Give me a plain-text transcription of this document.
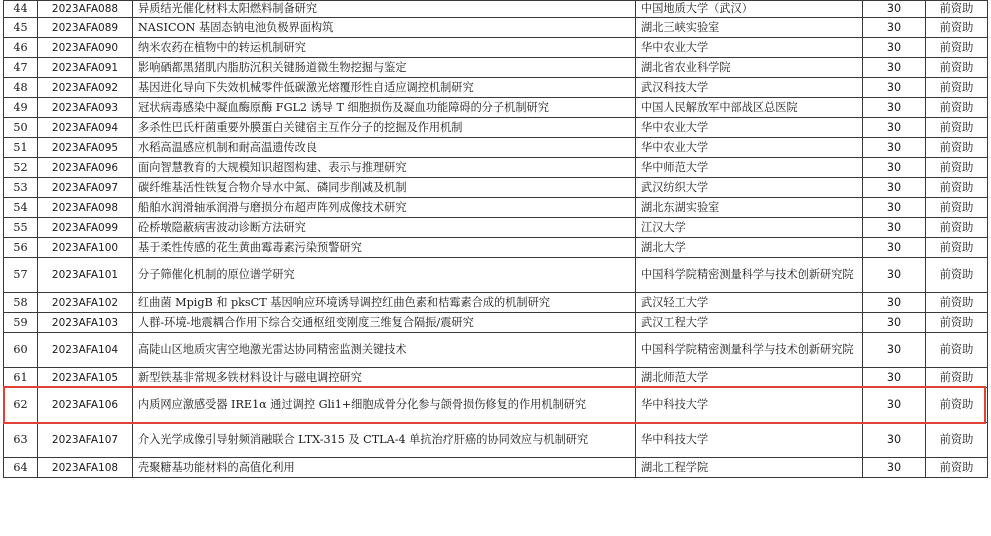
44	2023AFA088	异质结光催化材料太阳燃料制备研究	中国地质大学（武汉）	30	前资助
45	2023AFA089	NASICON 基固态钠电池负极界面构筑	湖北三峡实验室	30	前资助
46	2023AFA090	纳米农药在植物中的转运机制研究	华中农业大学	30	前资助
47	2023AFA091	影响硒都黑猪肌内脂肪沉积关键肠道微生物挖掘与鉴定	湖北省农业科学院	30	前资助
48	2023AFA092	基因进化导向下失效机械零件低碳激光熔覆形性自适应调控机制研究	武汉科技大学	30	前资助
49	2023AFA093	冠状病毒感染中凝血酶原酶 FGL2 诱导 T 细胞损伤及凝血功能障碍的分子机制研究	中国人民解放军中部战区总医院	30	前资助
50	2023AFA094	多杀性巴氏杆菌重要外膜蛋白关键宿主互作分子的挖掘及作用机制	华中农业大学	30	前资助
51	2023AFA095	水稻高温感应机制和耐高温遗传改良	华中农业大学	30	前资助
52	2023AFA096	面向智慧教育的大规模知识超图构建、表示与推理研究	华中师范大学	30	前资助
53	2023AFA097	碳纤维基活性铁复合物介导水中氮、磷同步削减及机制	武汉纺织大学	30	前资助
54	2023AFA098	船舶水润滑轴承润滑与磨损分布超声阵列成像技术研究	湖北东湖实验室	30	前资助
55	2023AFA099	砼桥墩隐蔽病害波动诊断方法研究	江汉大学	30	前资助
56	2023AFA100	基于柔性传感的花生黄曲霉毒素污染预警研究	湖北大学	30	前资助
57	2023AFA101	分子筛催化机制的原位谱学研究	中国科学院精密测量科学与技术创新研究院	30	前资助
58	2023AFA102	红曲菌 MpigB 和 pksCT 基因响应环境诱导调控红曲色素和桔霉素合成的机制研究	武汉轻工大学	30	前资助
59	2023AFA103	人群-环境-地震耦合作用下综合交通枢纽变刚度三维复合隔振/震研究	武汉工程大学	30	前资助
60	2023AFA104	高陡山区地质灾害空地激光雷达协同精密监测关键技术	中国科学院精密测量科学与技术创新研究院	30	前资助
61	2023AFA105	新型铁基非常规多铁材料设计与磁电调控研究	湖北师范大学	30	前资助
62	2023AFA106	内质网应激感受器 IRE1α 通过调控 Gli1+细胞成骨分化参与颌骨损伤修复的作用机制研究	华中科技大学	30	前资助
63	2023AFA107	介入光学成像引导射频消融联合 LTX-315 及 CTLA-4 单抗治疗肝癌的协同效应与机制研究	华中科技大学	30	前资助
64	2023AFA108	壳聚糖基功能材料的高值化利用	湖北工程学院	30	前资助
